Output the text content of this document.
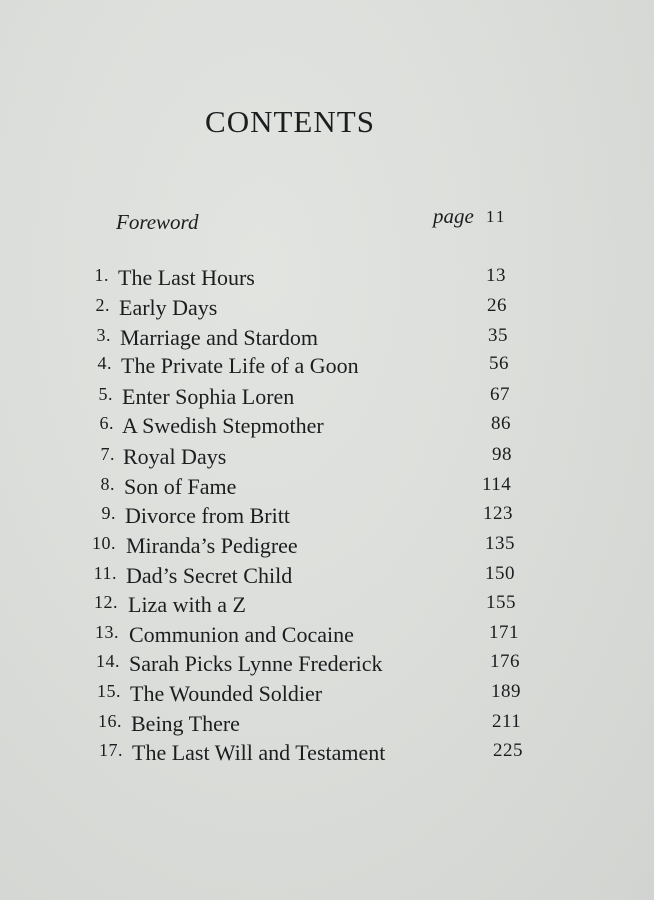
CONTENTS
Foreword	page 11
1. The Last Hours	13
2. Early Days	26
3. Marriage and Stardom	35
4. The Private Life of a Goon	56
5. Enter Sophia Loren	67
6. A Swedish Stepmother	86
7. Royal Days	98
8. Son of Fame	114
9. Divorce from Britt	123
10. Miranda’s Pedigree	135
11. Dad’s Secret Child	150
12. Liza with a Z	155
13. Communion and Cocaine	171
14. Sarah Picks Lynne Frederick	176
15. The Wounded Soldier	189
16. Being There	211
17. The Last Will and Testament	225
